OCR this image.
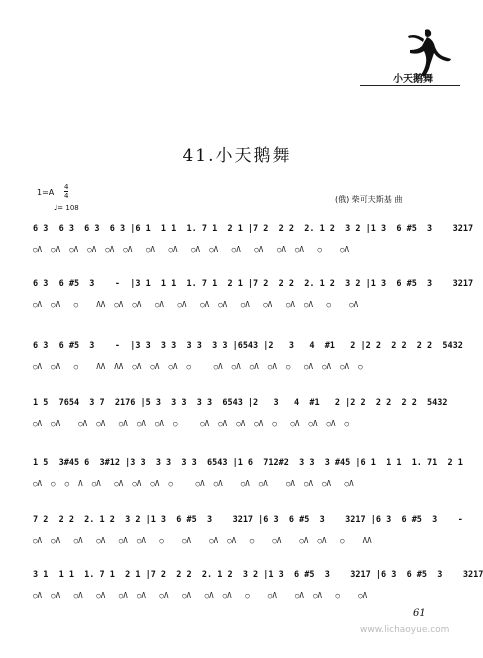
小天鹅舞
41.小天鹅舞
1=A
4
4
♩= 108
(俄) 柴可夫斯基 曲
6 3  6 3  6 3  6 3 |6 1  1 1  1. 7 1  2 1 |7 2  2 2  2. 1 2  3 2 |1 3  6 #5  3    3217
○Λ  ○Λ  ○Λ  ○Λ  ○Λ  ○Λ   ○Λ   ○Λ   ○Λ  ○Λ   ○Λ   ○Λ   ○Λ  ○Λ   ○    ○Λ
6 3  6 #5  3    -  |3 1  1 1  1. 7 1  2 1 |7 2  2 2  2. 1 2  3 2 |1 3  6 #5  3    3217
○Λ  ○Λ   ○    ΛΛ  ○Λ  ○Λ   ○Λ   ○Λ   ○Λ  ○Λ   ○Λ   ○Λ   ○Λ  ○Λ   ○    ○Λ
6 3  6 #5  3    -  |3 3  3 3  3 3  3 3 |6543 |2   3   4  #1   2 |2 2  2 2  2 2  5432
○Λ  ○Λ   ○    ΛΛ  ΛΛ  ○Λ  ○Λ  ○Λ  ○     ○Λ  ○Λ  ○Λ  ○Λ  ○   ○Λ  ○Λ  ○Λ  ○
1 5  7654  3 7  2176 |5 3  3 3  3 3  6543 |2   3   4  #1   2 |2 2  2 2  2 2  5432
○Λ  ○Λ    ○Λ  ○Λ   ○Λ  ○Λ  ○Λ  ○     ○Λ  ○Λ  ○Λ  ○Λ  ○   ○Λ  ○Λ  ○Λ  ○
1 5  3#45 6  3#12 |3 3  3 3  3 3  6543 |1 6  712#2  3 3  3 #45 |6 1  1 1  1. 71  2 1
○Λ  ○  ○  Λ  ○Λ   ○Λ  ○Λ  ○Λ  ○     ○Λ  ○Λ    ○Λ  ○Λ    ○Λ  ○Λ  ○Λ   ○Λ
7 2  2 2  2. 1 2  3 2 |1 3  6 #5  3    3217 |6 3  6 #5  3    3217 |6 3  6 #5  3    -
○Λ  ○Λ   ○Λ   ○Λ   ○Λ  ○Λ   ○    ○Λ    ○Λ  ○Λ   ○    ○Λ    ○Λ  ○Λ   ○    ΛΛ
3 1  1 1  1. 7 1  2 1 |7 2  2 2  2. 1 2  3 2 |1 3  6 #5  3    3217 |6 3  6 #5  3    3217
○Λ  ○Λ   ○Λ   ○Λ   ○Λ  ○Λ   ○Λ   ○Λ   ○Λ  ○Λ   ○    ○Λ    ○Λ  ○Λ   ○    ○Λ
61
www.lichaoyue.com
